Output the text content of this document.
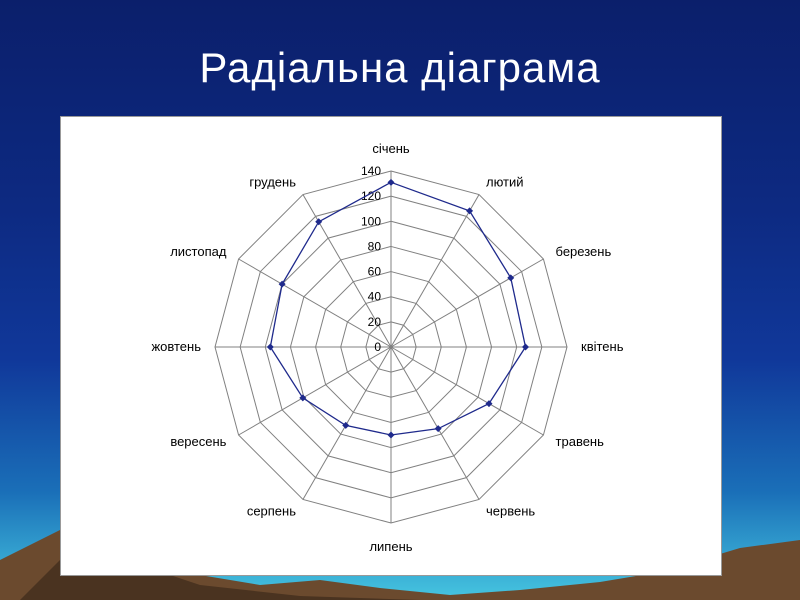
Радіальна діаграма
0
20
40
60
80
100
120
140
січень
лютий
березень
квітень
травень
червень
липень
серпень
вересень
жовтень
листопад
грудень
